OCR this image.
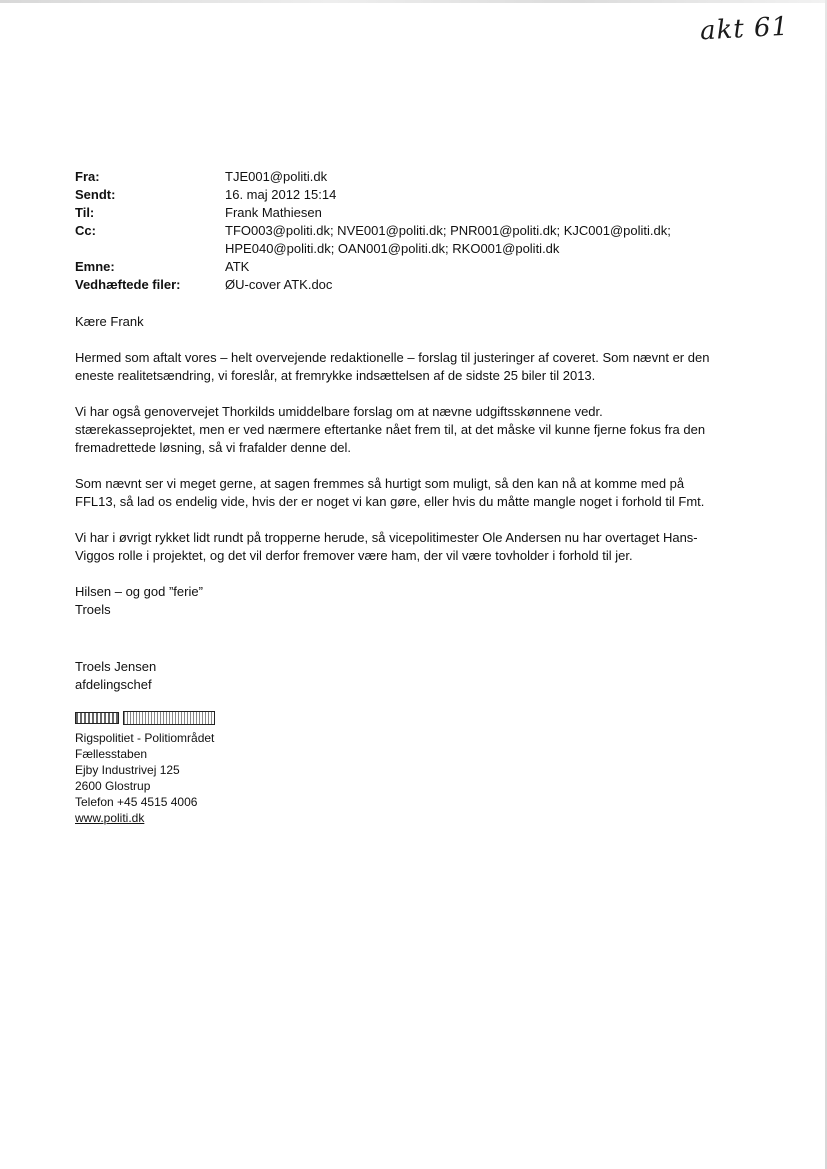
akt 61
Fra:	TJE001@politi.dk
Sendt:	16. maj 2012 15:14
Til:	Frank Mathiesen
Cc:	TFO003@politi.dk; NVE001@politi.dk; PNR001@politi.dk; KJC001@politi.dk;
HPE040@politi.dk; OAN001@politi.dk; RKO001@politi.dk
Emne:	ATK
Vedhæftede filer:	ØU-cover ATK.doc

Kære Frank

Hermed som aftalt vores – helt overvejende redaktionelle – forslag til justeringer af coveret. Som nævnt er den
eneste realitetsændring, vi foreslår, at fremrykke indsættelsen af de sidste 25 biler til 2013.

Vi har også genovervejet Thorkilds umiddelbare forslag om at nævne udgiftsskønnene vedr.
stærekasseprojektet, men er ved nærmere eftertanke nået frem til, at det måske vil kunne fjerne fokus fra den
fremadrettede løsning, så vi frafalder denne del.

Som nævnt ser vi meget gerne, at sagen fremmes så hurtigt som muligt, så den kan nå at komme med på
FFL13, så lad os endelig vide, hvis der er noget vi kan gøre, eller hvis du måtte mangle noget i forhold til Fmt.

Vi har i øvrigt rykket lidt rundt på tropperne herude, så vicepolitimester Ole Andersen nu har overtaget Hans-
Viggos rolle i projektet, og det vil derfor fremover være ham, der vil være tovholder i forhold til jer.

Hilsen – og god ”ferie”
Troels

Troels Jensen
afdelingschef
Rigspolitiet - Politiområdet
Fællesstaben
Ejby Industrivej 125
2600 Glostrup
Telefon +45 4515 4006
www.politi.dk
